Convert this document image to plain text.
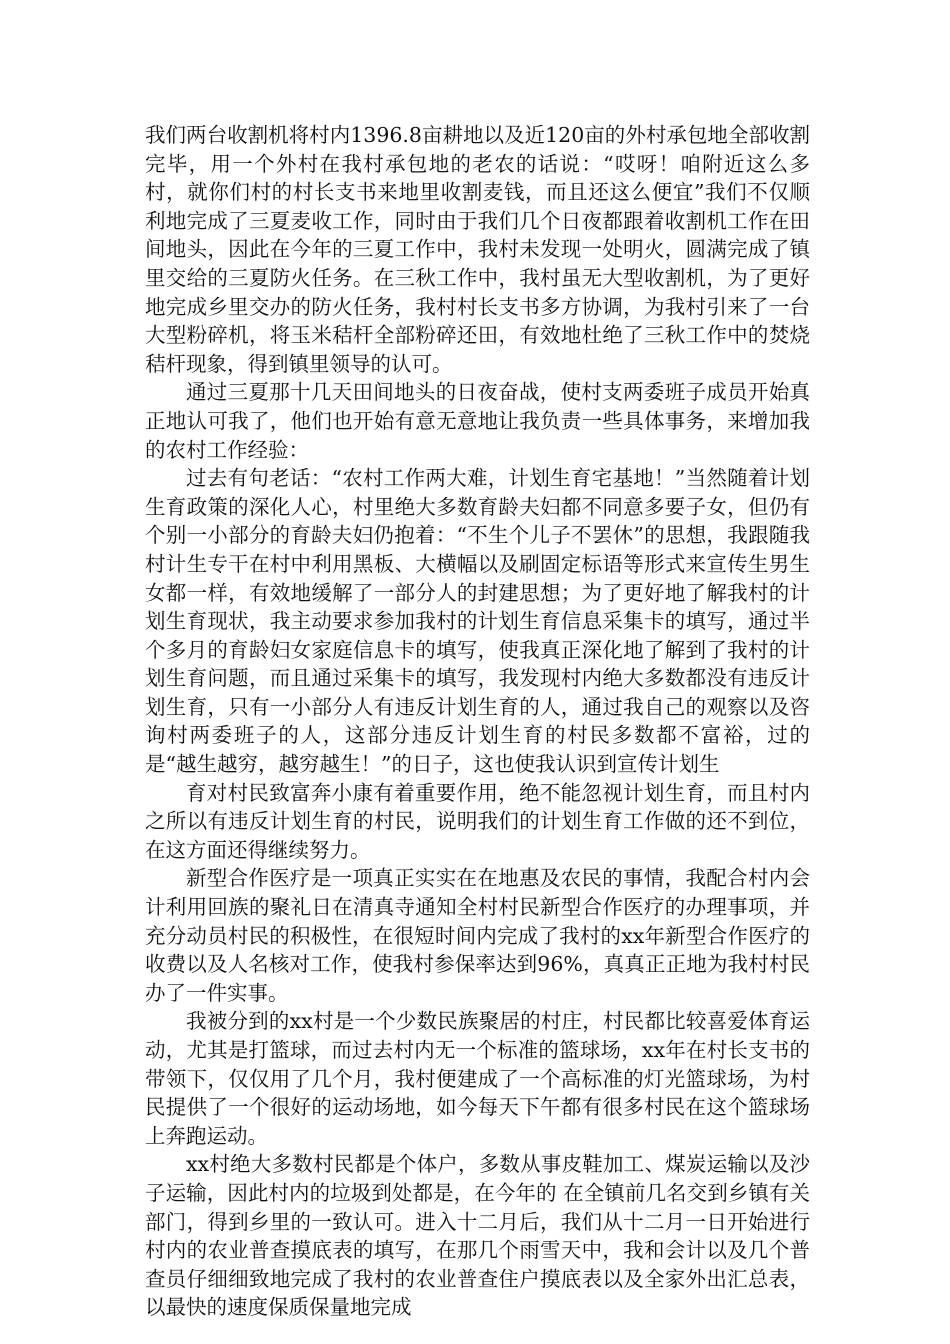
我们两台收割机将村内1396.8亩耕地以及近120亩的外村承包地全部收割完毕，用一个外村在我村承包地的老农的话说：“哎呀！咱附近这么多村，就你们村的村长支书来地里收割麦钱，而且还这么便宜”我们不仅顺利地完成了三夏麦收工作，同时由于我们几个日夜都跟着收割机工作在田间地头，因此在今年的三夏工作中，我村未发现一处明火，圆满完成了镇里交给的三夏防火任务。在三秋工作中，我村虽无大型收割机，为了更好地完成乡里交办的防火任务，我村村长支书多方协调，为我村引来了一台大型粉碎机，将玉米秸杆全部粉碎还田，有效地杜绝了三秋工作中的焚烧秸杆现象，得到镇里领导的认可。

通过三夏那十几天田间地头的日夜奋战，使村支两委班子成员开始真正地认可我了，他们也开始有意无意地让我负责一些具体事务，来增加我的农村工作经验：

过去有句老话：“农村工作两大难，计划生育宅基地！”当然随着计划生育政策的深化人心，村里绝大多数育龄夫妇都不同意多要子女，但仍有个别一小部分的育龄夫妇仍抱着：“不生个儿子不罢休”的思想，我跟随我村计生专干在村中利用黑板、大横幅以及刷固定标语等形式来宣传生男生女都一样，有效地缓解了一部分人的封建思想；为了更好地了解我村的计划生育现状，我主动要求参加我村的计划生育信息采集卡的填写，通过半个多月的育龄妇女家庭信息卡的填写，使我真正深化地了解到了我村的计划生育问题，而且通过采集卡的填写，我发现村内绝大多数都没有违反计划生育，只有一小部分人有违反计划生育的人，通过我自己的观察以及咨询村两委班子的人，这部分违反计划生育的村民多数都不富裕，过的是“越生越穷，越穷越生！”的日子，这也使我认识到宣传计划生

育对村民致富奔小康有着重要作用，绝不能忽视计划生育，而且村内之所以有违反计划生育的村民，说明我们的计划生育工作做的还不到位，在这方面还得继续努力。

新型合作医疗是一项真正实实在在地惠及农民的事情，我配合村内会计利用回族的聚礼日在清真寺通知全村村民新型合作医疗的办理事项，并充分动员村民的积极性，在很短时间内完成了我村的xx年新型合作医疗的收费以及人名核对工作，使我村参保率达到96%，真真正正地为我村村民办了一件实事。

我被分到的xx村是一个少数民族聚居的村庄，村民都比较喜爱体育运动，尤其是打篮球，而过去村内无一个标准的篮球场，xx年在村长支书的带领下，仅仅用了几个月，我村便建成了一个高标准的灯光篮球场，为村民提供了一个很好的运动场地，如今每天下午都有很多村民在这个篮球场上奔跑运动。

xx村绝大多数村民都是个体户，多数从事皮鞋加工、煤炭运输以及沙子运输，因此村内的垃圾到处都是，在今年的 在全镇前几名交到乡镇有关部门，得到乡里的一致认可。进入十二月后，我们从十二月一日开始进行村内的农业普查摸底表的填写，在那几个雨雪天中，我和会计以及几个普查员仔细细致地完成了我村的农业普查住户摸底表以及全家外出汇总表，以最快的速度保质保量地完成
